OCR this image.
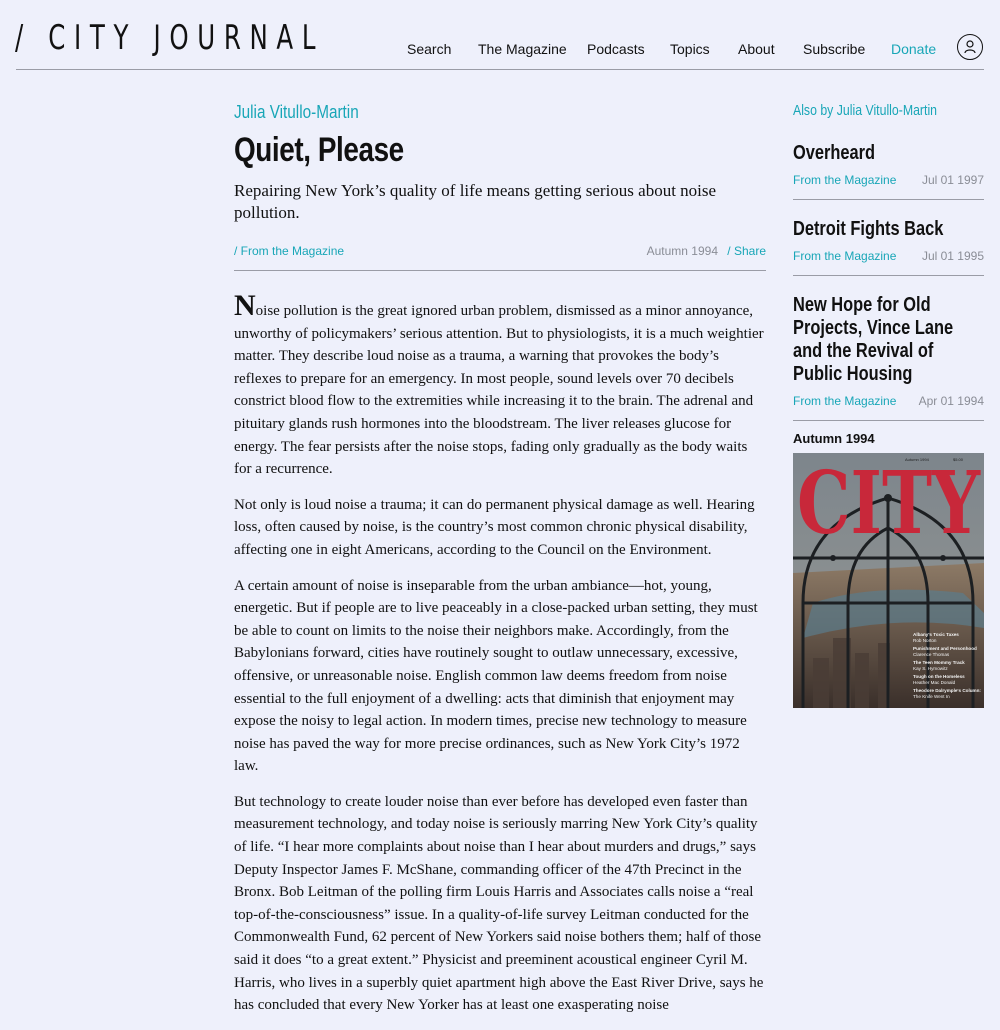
/ CITY JOURNAL	Search The Magazine Podcasts Topics About Subscribe Donate
Julia Vitullo-Martin
Quiet, Please
Repairing New York’s quality of life means getting serious about noise pollution.
/ From the Magazine	Autumn 1994 / Share

Noise pollution is the great ignored urban problem, dismissed as a minor annoyance, unworthy of policymakers’ serious attention. But to physiologists, it is a much weightier matter. They describe loud noise as a trauma, a warning that provokes the body’s reflexes to prepare for an emergency. In most people, sound levels over 70 decibels constrict blood flow to the extremities while increasing it to the brain. The adrenal and pituitary glands rush hormones into the bloodstream. The liver releases glucose for energy. The fear persists after the noise stops, fading only gradually as the body waits for a recurrence.

Not only is loud noise a trauma; it can do permanent physical damage as well. Hearing loss, often caused by noise, is the country’s most common chronic physical disability, affecting one in eight Americans, according to the Council on the Environment.

A certain amount of noise is inseparable from the urban ambiance—hot, young, energetic. But if people are to live peaceably in a close-packed urban setting, they must be able to count on limits to the noise their neighbors make. Accordingly, from the Babylonians forward, cities have routinely sought to outlaw unnecessary, excessive, offensive, or unreasonable noise. English common law deems freedom from noise essential to the full enjoyment of a dwelling: acts that diminish that enjoyment may expose the noisy to legal action. In modern times, precise new technology to measure noise has paved the way for more precise ordinances, such as New York City’s 1972 law.

But technology to create louder noise than ever before has developed even faster than measurement technology, and today noise is seriously marring New York City’s quality of life. “I hear more complaints about noise than I hear about murders and drugs,” says Deputy Inspector James F. McShane, commanding officer of the 47th Precinct in the Bronx. Bob Leitman of the polling firm Louis Harris and Associates calls noise a “real top-of-the-consciousness” issue. In a quality-of-life survey Leitman conducted for the Commonwealth Fund, 62 percent of New Yorkers said noise bothers them; half of those said it does “to a great extent.” Physicist and preeminent acoustical engineer Cyril M. Harris, who lives in a superbly quiet apartment high above the East River Drive, says he has concluded that every New Yorker has at least one exasperating noise

Also by Julia Vitullo-Martin
Overheard
From the Magazine Jul 01 1997
Detroit Fights Back
From the Magazine Jul 01 1995
New Hope for Old Projects, Vince Lane and the Revival of Public Housing
From the Magazine Apr 01 1994
Autumn 1994
CITY
Autumn 1994	$5.00
Albany's Toxic Taxes
Rob Norton
Punishment and Personhood
Clarence Thomas
The Teen Mommy Track
Kay S. Hymowitz
Tough on the Homeless
Heather Mac Donald
Theodore Dalrymple's Column:
The Knife Went In
